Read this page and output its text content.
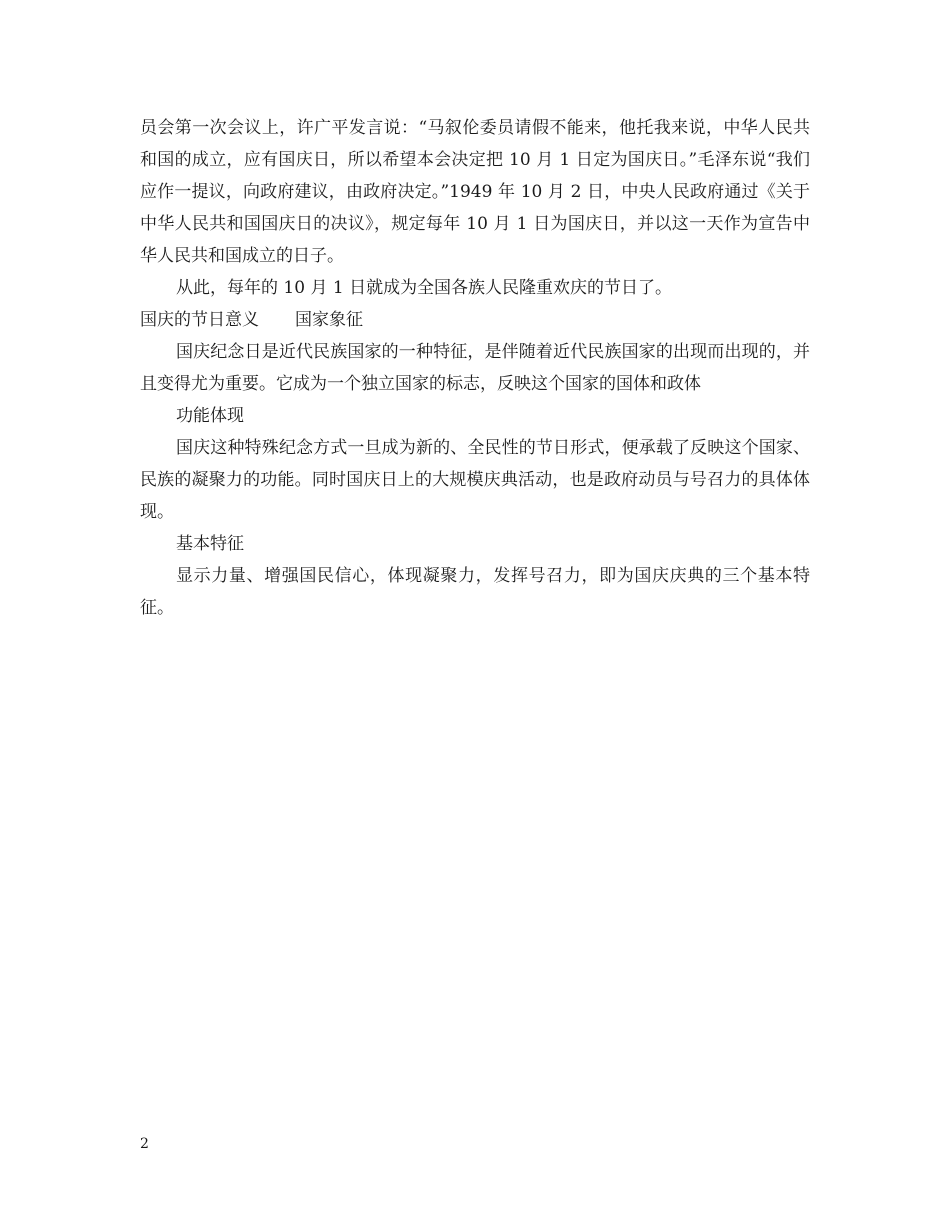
员会第一次会议上，许广平发言说：“马叙伦委员请假不能来，他托我来说，中华人民共和国的成立，应有国庆日，所以希望本会决定把 10 月 1 日定为国庆日。”毛泽东说“我们应作一提议，向政府建议，由政府决定。”1949 年 10 月 2 日，中央人民政府通过《关于中华人民共和国国庆日的决议》，规定每年 10 月 1 日为国庆日，并以这一天作为宣告中华人民共和国成立的日子。

从此，每年的 10 月 1 日就成为全国各族人民隆重欢庆的节日了。

国庆的节日意义 国家象征

国庆纪念日是近代民族国家的一种特征，是伴随着近代民族国家的出现而出现的，并且变得尤为重要。它成为一个独立国家的标志，反映这个国家的国体和政体

功能体现

国庆这种特殊纪念方式一旦成为新的、全民性的节日形式，便承载了反映这个国家、民族的凝聚力的功能。同时国庆日上的大规模庆典活动，也是政府动员与号召力的具体体现。

基本特征

显示力量、增强国民信心，体现凝聚力，发挥号召力，即为国庆庆典的三个基本特征。

2
